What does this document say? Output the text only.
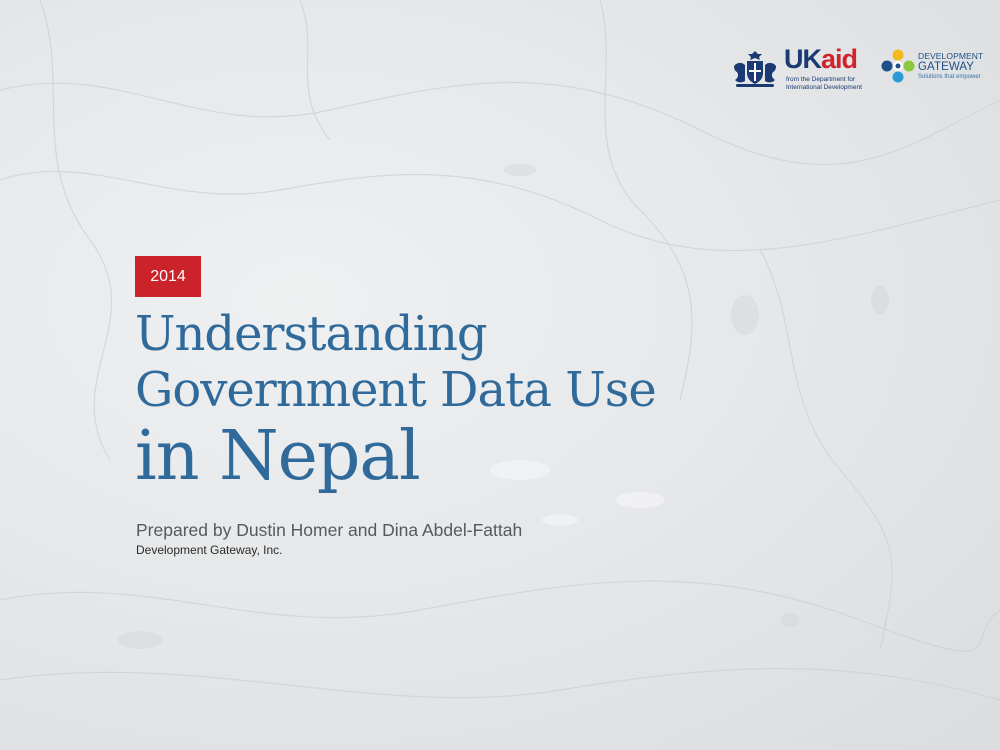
UKaid
from the Department for International Development
DEVELOPMENT
GATEWAY
Solutions that empower
2014
Understanding
Government Data Use
in Nepal
Prepared by Dustin Homer and Dina Abdel-Fattah
Development Gateway, Inc.
